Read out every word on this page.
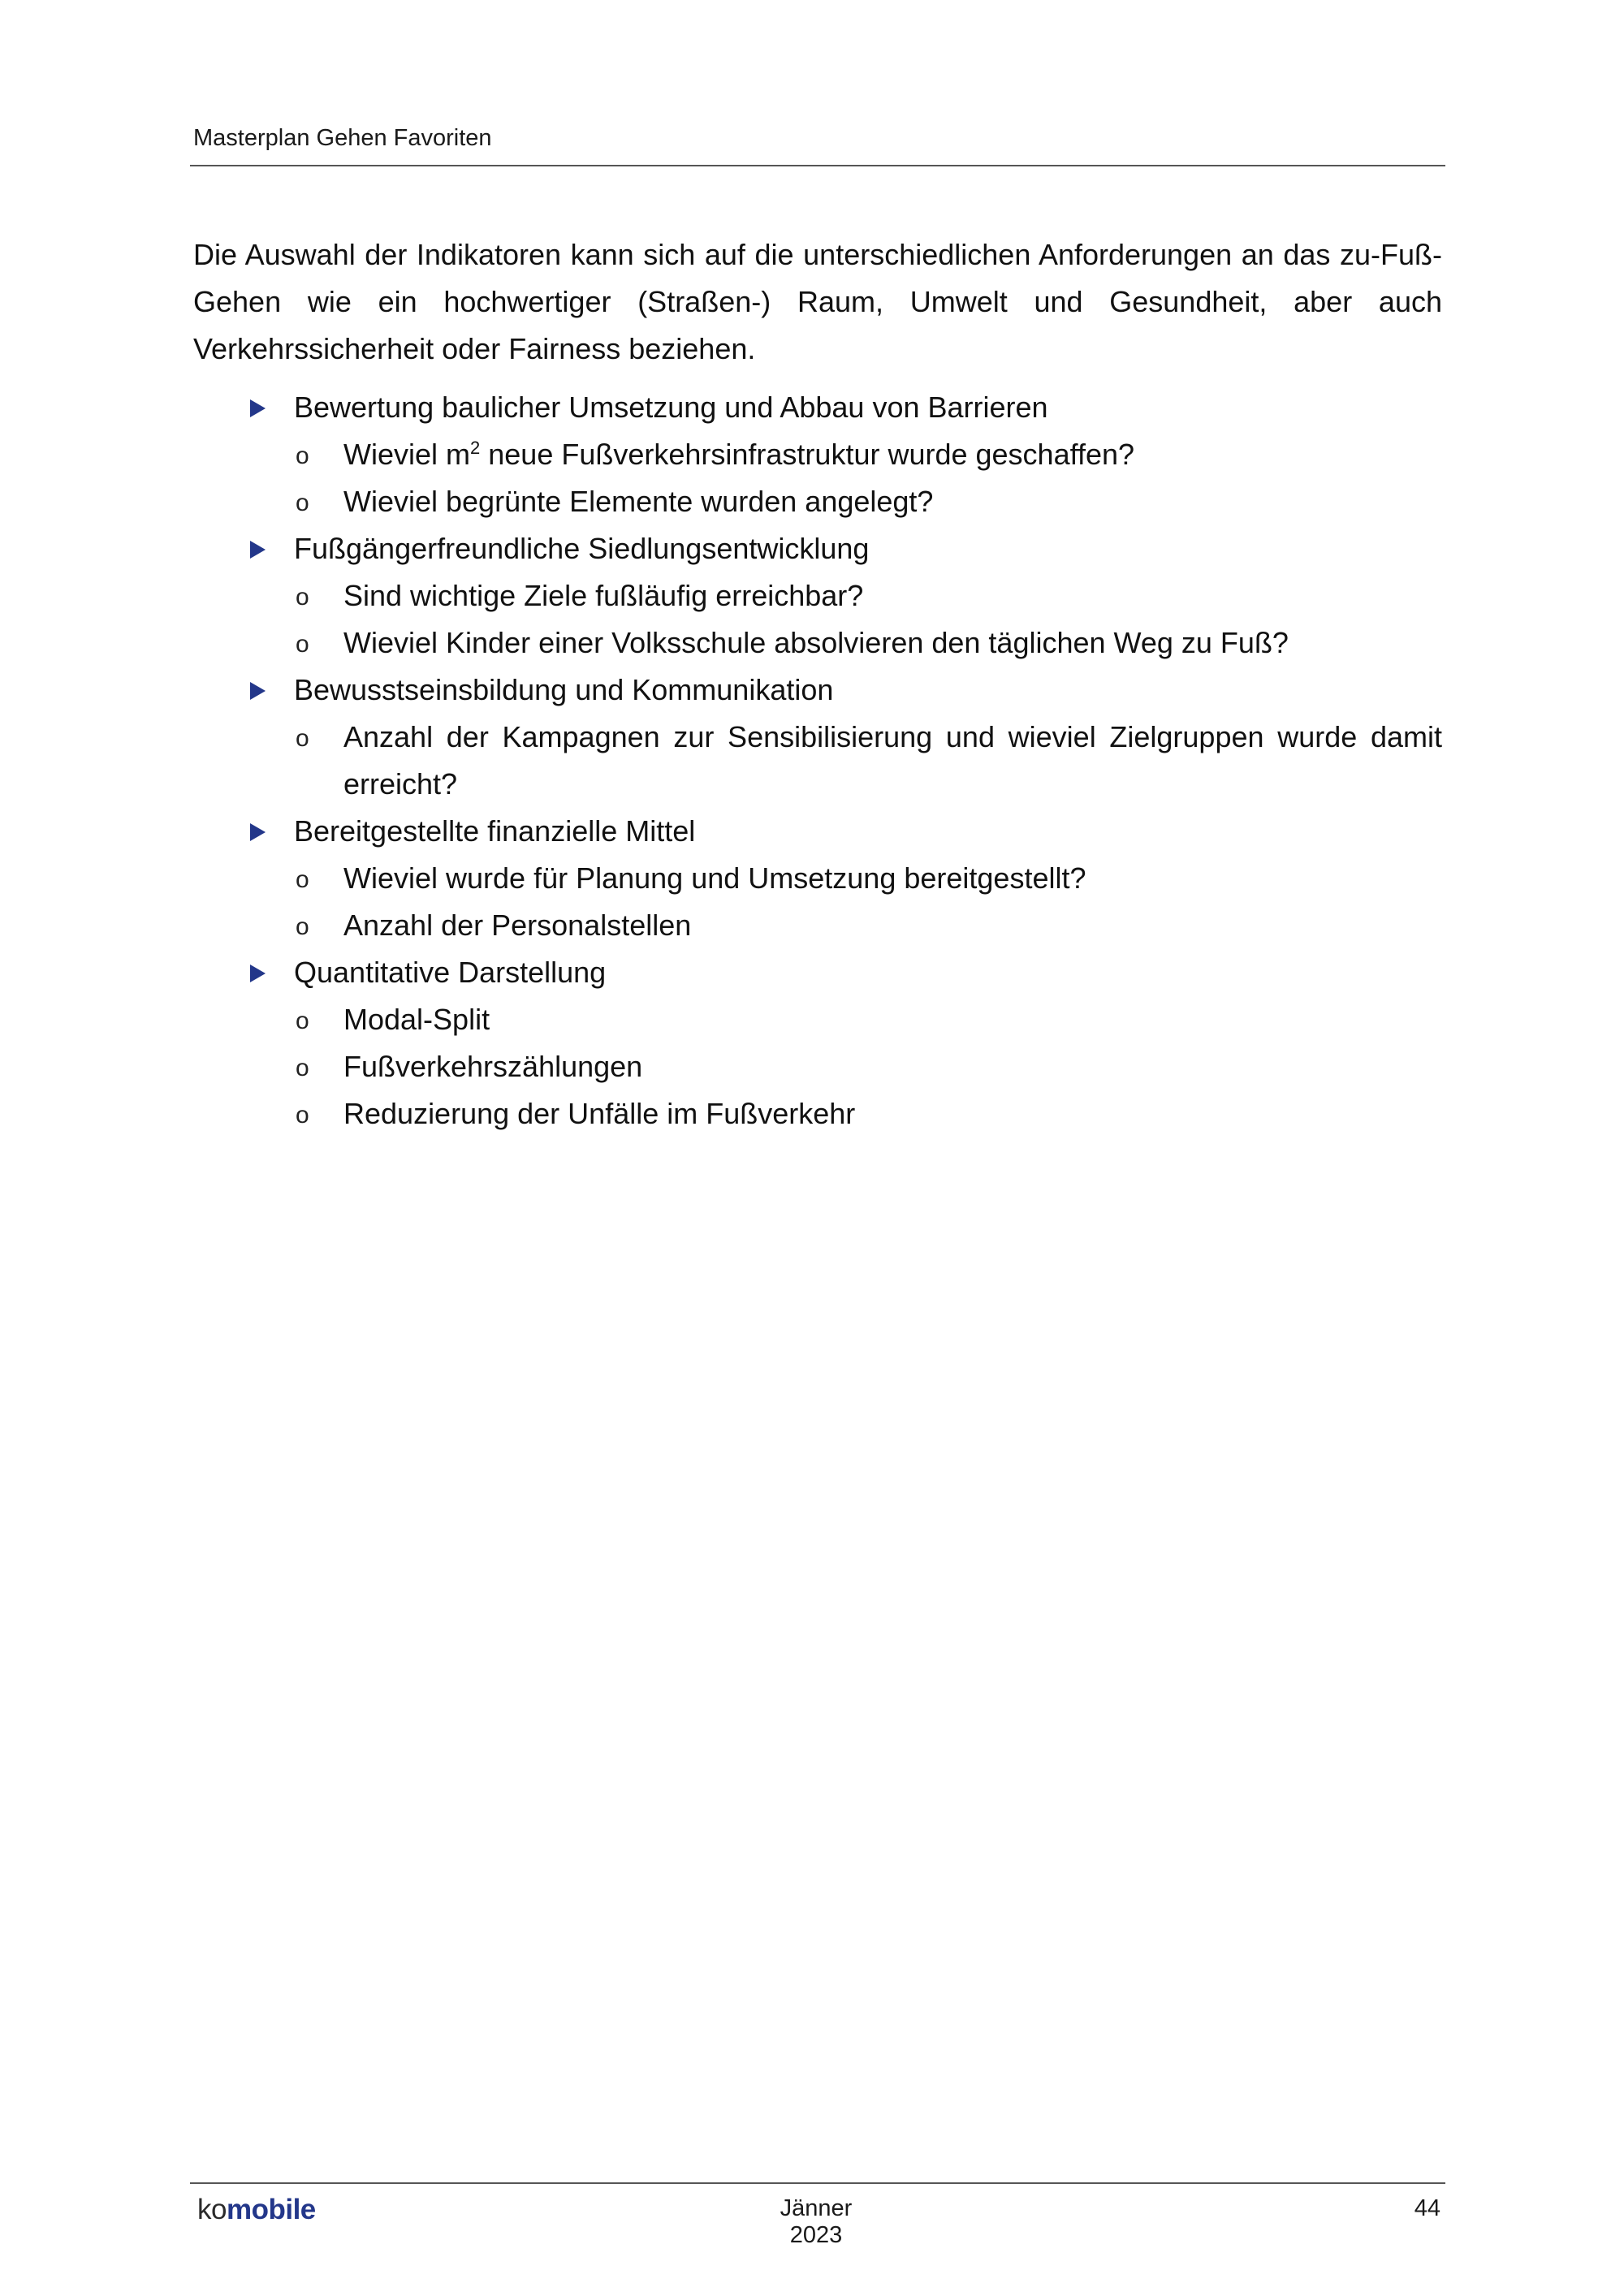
Masterplan Gehen Favoriten

Die Auswahl der Indikatoren kann sich auf die unterschiedlichen Anforderungen an das zu-Fuß-Gehen wie ein hochwertiger (Straßen-) Raum, Umwelt und Gesundheit, aber auch Verkehrssicherheit oder Fairness beziehen.

Bewertung baulicher Umsetzung und Abbau von Barrieren
o Wieviel $m^2$ neue Fußverkehrsinfrastruktur wurde geschaffen?
o Wieviel begrünte Elemente wurden angelegt?
Fußgängerfreundliche Siedlungsentwicklung
o Sind wichtige Ziele fußläufig erreichbar?
o Wieviel Kinder einer Volksschule absolvieren den täglichen Weg zu Fuß?
Bewusstseinsbildung und Kommunikation
o Anzahl der Kampagnen zur Sensibilisierung und wieviel Zielgruppen wurde damit erreicht?
Bereitgestellte finanzielle Mittel
o Wieviel wurde für Planung und Umsetzung bereitgestellt?
o Anzahl der Personalstellen
Quantitative Darstellung
o Modal-Split
o Fußverkehrszählungen
o Reduzierung der Unfälle im Fußverkehr
komobile	Jänner 2023
44
